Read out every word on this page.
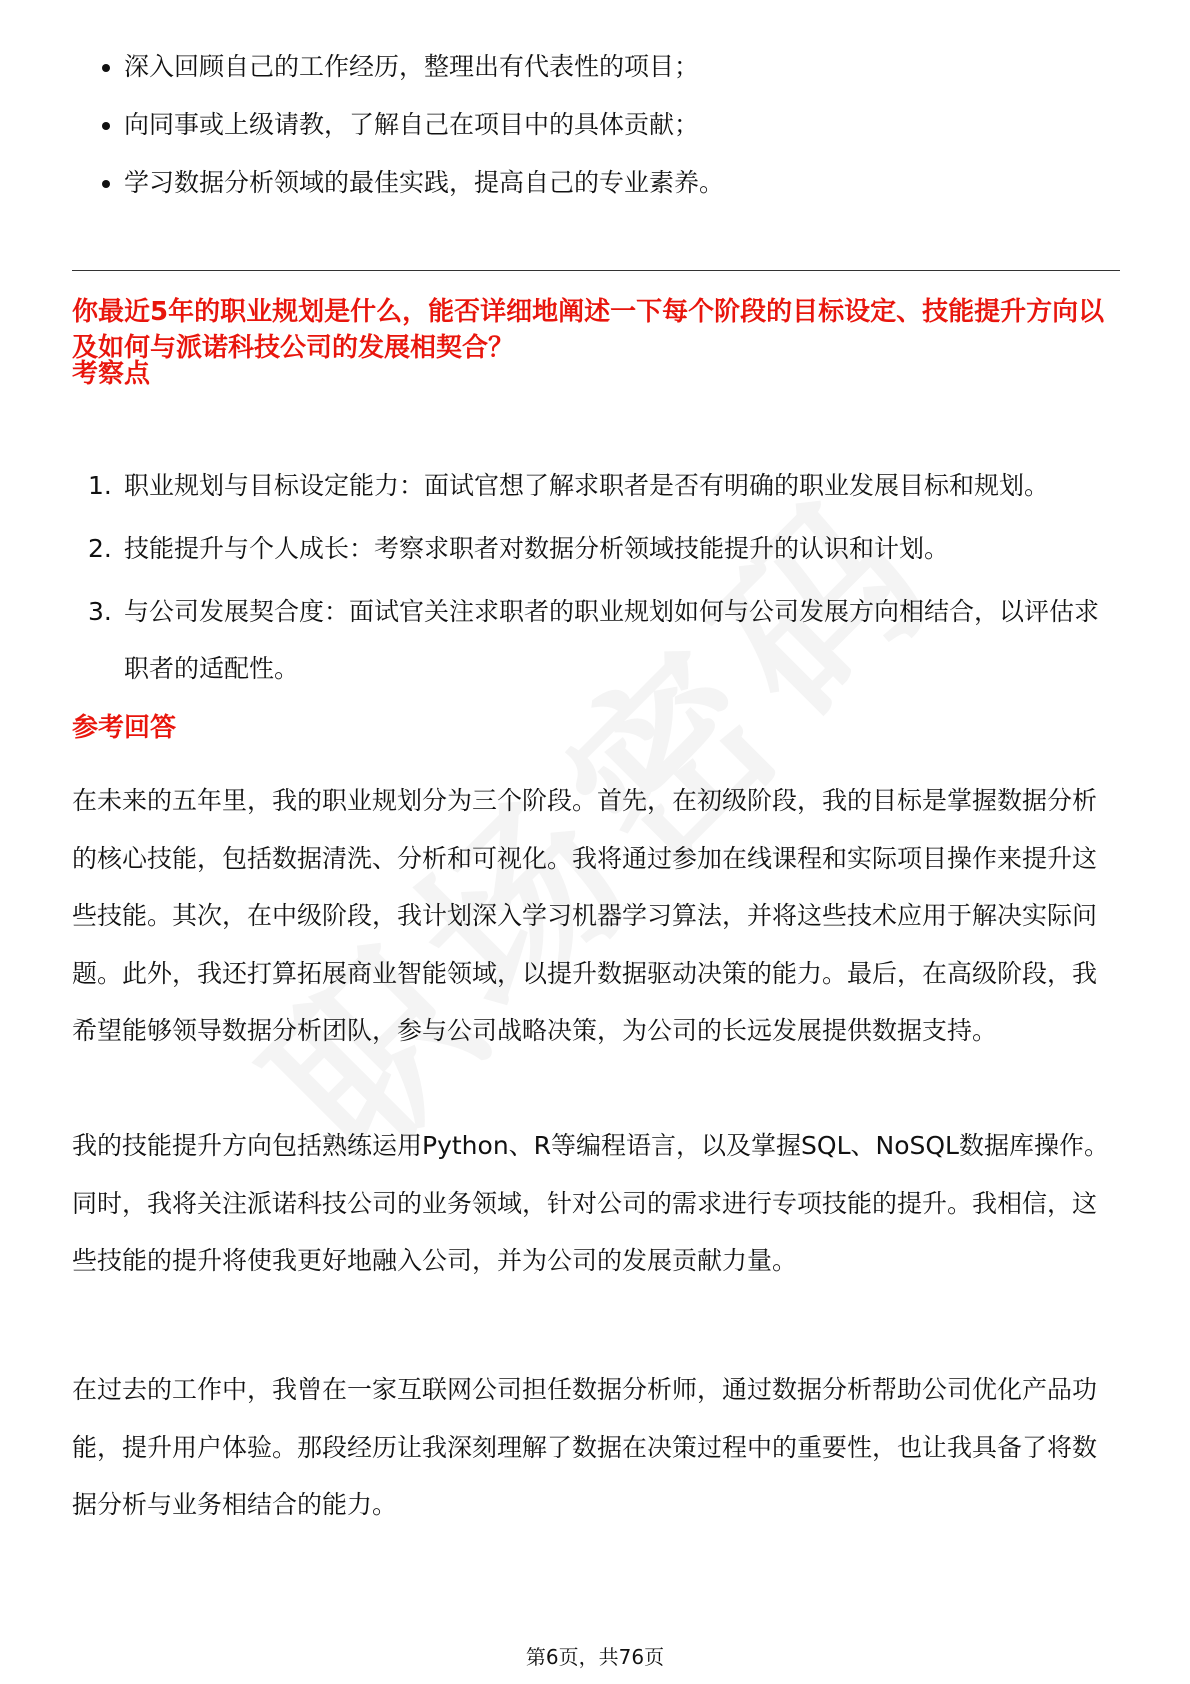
深入回顾自己的工作经历，整理出有代表性的项目；
向同事或上级请教，了解自己在项目中的具体贡献；
学习数据分析领域的最佳实践，提高自己的专业素养。
你最近5年的职业规划是什么，能否详细地阐述一下每个阶段的目标设定、技能提升方向以及如何与派诺科技公司的发展相契合？
考察点
1. 职业规划与目标设定能力：面试官想了解求职者是否有明确的职业发展目标和规划。
2. 技能提升与个人成长：考察求职者对数据分析领域技能提升的认识和计划。
3. 与公司发展契合度：面试官关注求职者的职业规划如何与公司发展方向相结合，以评估求职者的适配性。
参考回答

在未来的五年里，我的职业规划分为三个阶段。首先，在初级阶段，我的目标是掌握数据分析的核心技能，包括数据清洗、分析和可视化。我将通过参加在线课程和实际项目操作来提升这些技能。其次，在中级阶段，我计划深入学习机器学习算法，并将这些技术应用于解决实际问题。此外，我还打算拓展商业智能领域，以提升数据驱动决策的能力。最后，在高级阶段，我希望能够领导数据分析团队，参与公司战略决策，为公司的长远发展提供数据支持。

我的技能提升方向包括熟练运用Python、R等编程语言，以及掌握SQL、NoSQL数据库操作。同时，我将关注派诺科技公司的业务领域，针对公司的需求进行专项技能的提升。我相信，这些技能的提升将使我更好地融入公司，并为公司的发展贡献力量。

在过去的工作中，我曾在一家互联网公司担任数据分析师，通过数据分析帮助公司优化产品功能，提升用户体验。那段经历让我深刻理解了数据在决策过程中的重要性，也让我具备了将数据分析与业务相结合的能力。

第6页，共76页
